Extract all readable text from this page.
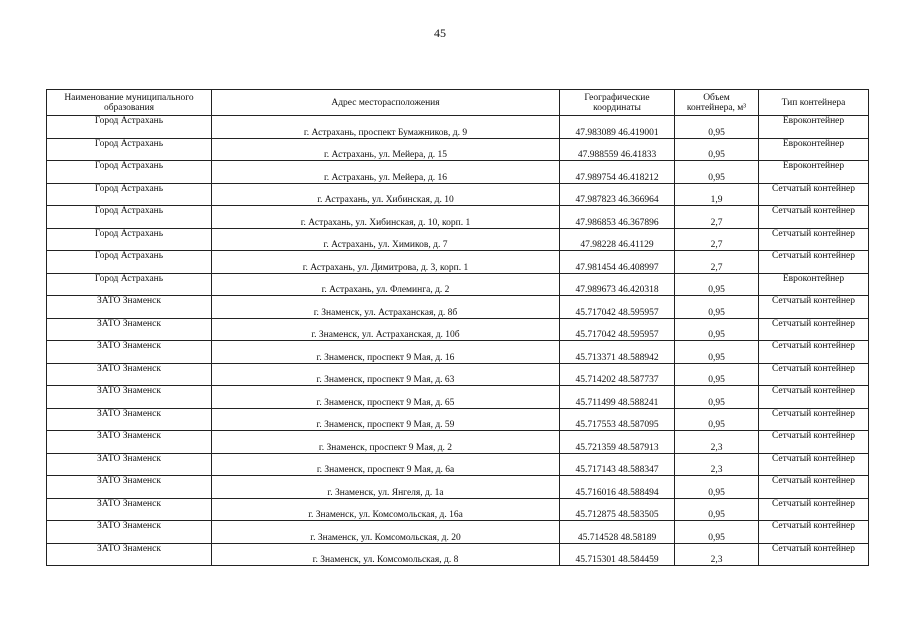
45
Наименование муниципального образования	Адрес месторасположения	Географические координаты	Объем контейнера, м³	Тип контейнера
Город Астрахань	г. Астрахань, проспект Бумажников, д. 9	47.983089 46.419001	0,95	Евроконтейнер
Город Астрахань	г. Астрахань, ул. Мейера, д. 15	47.988559 46.41833	0,95	Евроконтейнер
Город Астрахань	г. Астрахань, ул. Мейера, д. 16	47.989754 46.418212	0,95	Евроконтейнер
Город Астрахань	г. Астрахань, ул. Хибинская, д. 10	47.987823 46.366964	1,9	Сетчатый контейнер
Город Астрахань	г. Астрахань, ул. Хибинская, д. 10, корп. 1	47.986853 46.367896	2,7	Сетчатый контейнер
Город Астрахань	г. Астрахань, ул. Химиков, д. 7	47.98228 46.41129	2,7	Сетчатый контейнер
Город Астрахань	г. Астрахань, ул. Димитрова, д. 3, корп. 1	47.981454 46.408997	2,7	Сетчатый контейнер
Город Астрахань	г. Астрахань, ул. Флеминга, д. 2	47.989673 46.420318	0,95	Евроконтейнер
ЗАТО Знаменск	г. Знаменск, ул. Астраханская, д. 8б	45.717042 48.595957	0,95	Сетчатый контейнер
ЗАТО Знаменск	г. Знаменск, ул. Астраханская, д. 10б	45.717042 48.595957	0,95	Сетчатый контейнер
ЗАТО Знаменск	г. Знаменск, проспект 9 Мая, д. 16	45.713371 48.588942	0,95	Сетчатый контейнер
ЗАТО Знаменск	г. Знаменск, проспект 9 Мая, д. 63	45.714202 48.587737	0,95	Сетчатый контейнер
ЗАТО Знаменск	г. Знаменск, проспект 9 Мая, д. 65	45.711499 48.588241	0,95	Сетчатый контейнер
ЗАТО Знаменск	г. Знаменск, проспект 9 Мая, д. 59	45.717553 48.587095	0,95	Сетчатый контейнер
ЗАТО Знаменск	г. Знаменск, проспект 9 Мая, д. 2	45.721359 48.587913	2,3	Сетчатый контейнер
ЗАТО Знаменск	г. Знаменск, проспект 9 Мая, д. 6а	45.717143 48.588347	2,3	Сетчатый контейнер
ЗАТО Знаменск	г. Знаменск, ул. Янгеля, д. 1а	45.716016 48.588494	0,95	Сетчатый контейнер
ЗАТО Знаменск	г. Знаменск, ул. Комсомольская, д. 16а	45.712875 48.583505	0,95	Сетчатый контейнер
ЗАТО Знаменск	г. Знаменск, ул. Комсомольская, д. 20	45.714528 48.58189	0,95	Сетчатый контейнер
ЗАТО Знаменск	г. Знаменск, ул. Комсомольская, д. 8	45.715301 48.584459	2,3	Сетчатый контейнер
